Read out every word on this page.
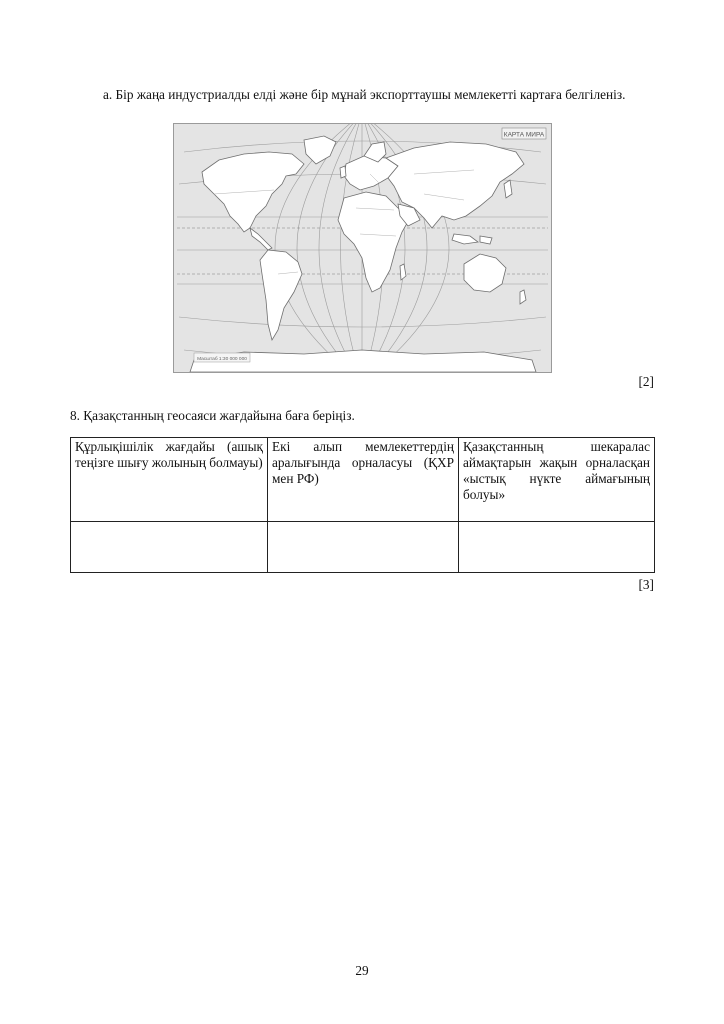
а. Бір жаңа индустриалды елді және бір мұнай экспорттаушы мемлекетті картаға белгіленіз.
КАРТА МИРА
Масштаб 1:30 000 000
[2]
8. Қазақстанның геосаяси жағдайына баға беріңіз.
Құрлықішілік жағдайы (ашық теңізге шығу жолының болмауы)	Екі алып мемлекеттердің аралығында орналасуы (ҚХР мен РФ)	Қазақстанның шекаралас аймақтарын жақын орналасқан «ыстық нүкте аймағының болуы»

[3]
29
